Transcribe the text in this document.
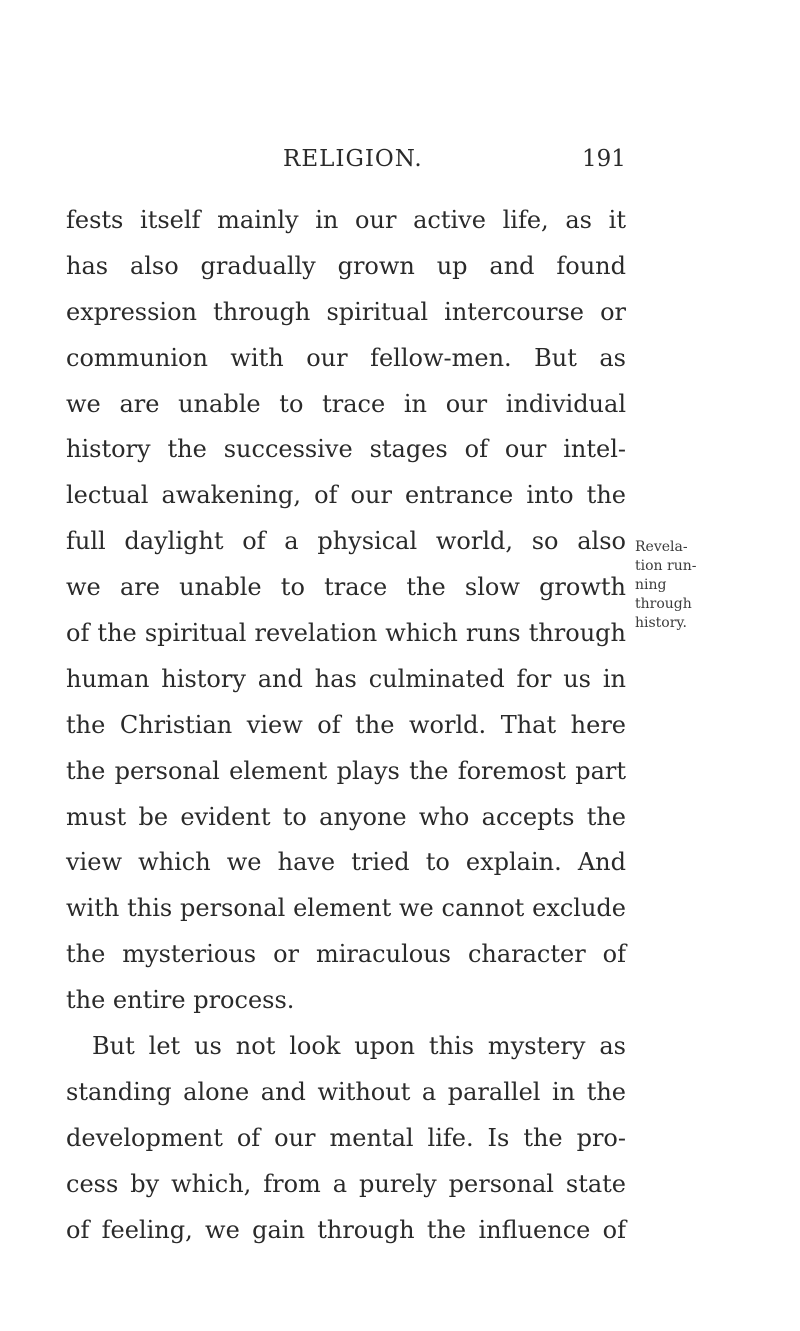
RELIGION.	191
fests itself mainly in our active life, as it
has also gradually grown up and found
expression through spiritual intercourse or
communion with our fellow-men. But as
we are unable to trace in our individual
history the successive stages of our intel-
lectual awakening, of our entrance into the
full daylight of a physical world, so also
we are unable to trace the slow growth
of the spiritual revelation which runs through
human history and has culminated for us in
the Christian view of the world. That here
the personal element plays the foremost part
must be evident to anyone who accepts the
view which we have tried to explain. And
with this personal element we cannot exclude
the mysterious or miraculous character of
the entire process.
But let us not look upon this mystery as
standing alone and without a parallel in the
development of our mental life. Is the pro-
cess by which, from a purely personal state
of feeling, we gain through the influence of
Revela-
tion run-
ning
through
history.
